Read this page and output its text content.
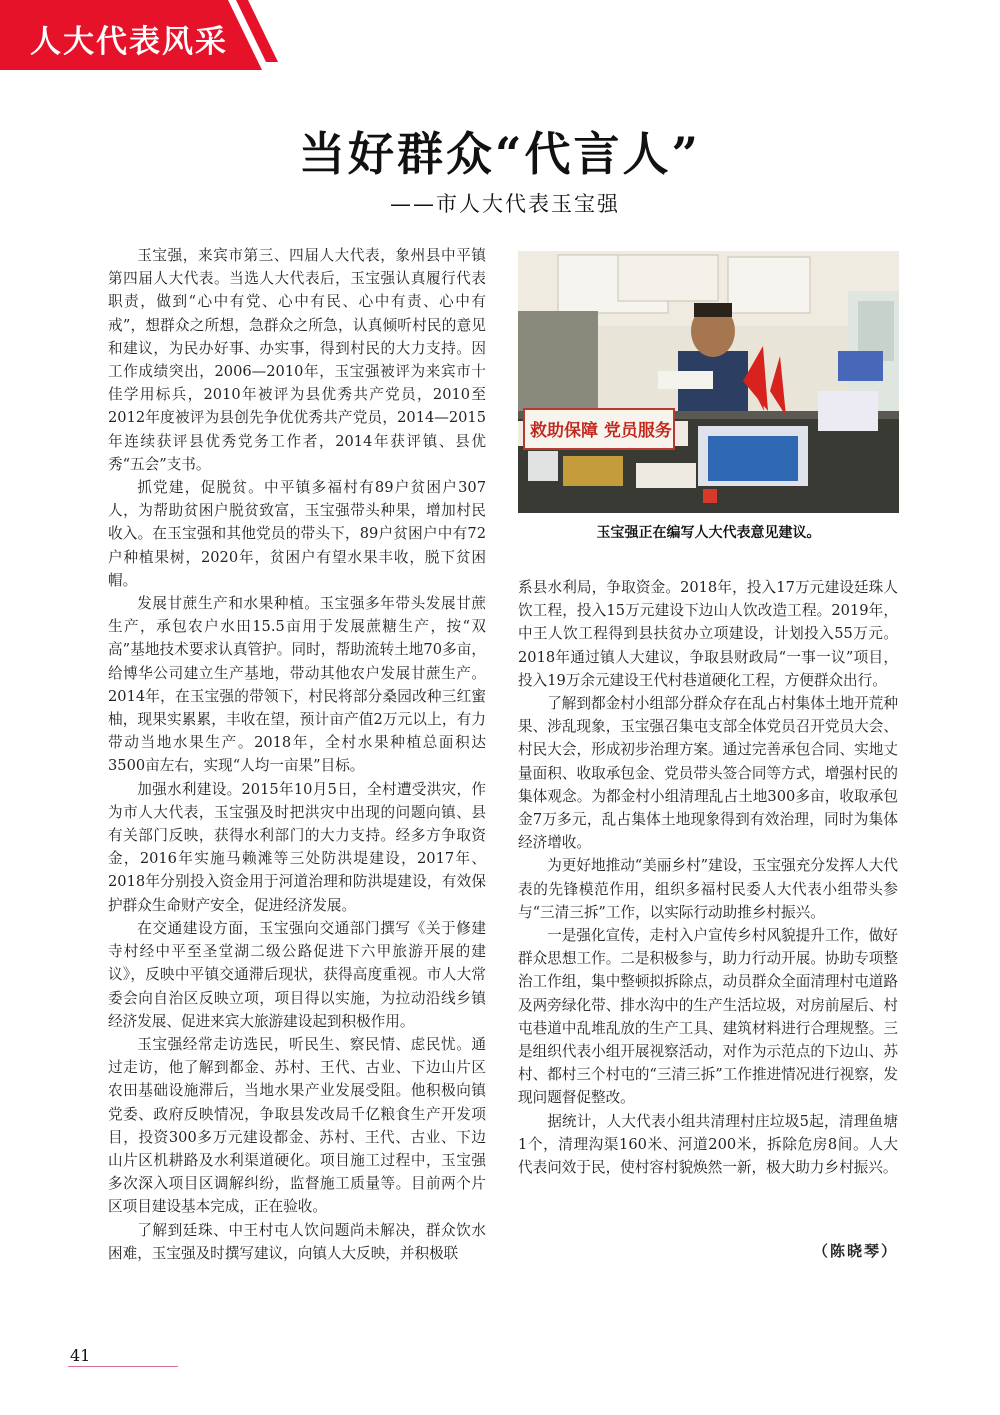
人大代表风采
当好群众“代言人”
——市人大代表玉宝强

玉宝强，来宾市第三、四届人大代表，象州县中平镇第四届人大代表。当选人大代表后，玉宝强认真履行代表职责，做到“心中有党、心中有民、心中有责、心中有戒”，想群众之所想，急群众之所急，认真倾听村民的意见和建议，为民办好事、办实事，得到村民的大力支持。因工作成绩突出，2006—2010年，玉宝强被评为来宾市十佳学用标兵，2010年被评为县优秀共产党员，2010至2012年度被评为县创先争优优秀共产党员，2014—2015年连续获评县优秀党务工作者，2014年获评镇、县优秀“五会”支书。

抓党建，促脱贫。中平镇多福村有89户贫困户307人，为帮助贫困户脱贫致富，玉宝强带头种果，增加村民收入。在玉宝强和其他党员的带头下，89户贫困户中有72户种植果树，2020年，贫困户有望水果丰收，脱下贫困帽。

发展甘蔗生产和水果种植。玉宝强多年带头发展甘蔗生产，承包农户水田15.5亩用于发展蔗糖生产，按“双高”基地技术要求认真管护。同时，帮助流转土地70多亩，给博华公司建立生产基地，带动其他农户发展甘蔗生产。2014年，在玉宝强的带领下，村民将部分桑园改种三红蜜柚，现果实累累，丰收在望，预计亩产值2万元以上，有力带动当地水果生产。2018年，全村水果种植总面积达3500亩左右，实现“人均一亩果”目标。

加强水利建设。2015年10月5日，全村遭受洪灾，作为市人大代表，玉宝强及时把洪灾中出现的问题向镇、县有关部门反映，获得水利部门的大力支持。经多方争取资金，2016年实施马赖滩等三处防洪堤建设，2017年、2018年分别投入资金用于河道治理和防洪堤建设，有效保护群众生命财产安全，促进经济发展。

在交通建设方面，玉宝强向交通部门撰写《关于修建寺村经中平至圣堂湖二级公路促进下六甲旅游开展的建议》，反映中平镇交通滞后现状，获得高度重视。市人大常委会向自治区反映立项，项目得以实施，为拉动沿线乡镇经济发展、促进来宾大旅游建设起到积极作用。

玉宝强经常走访选民，听民生、察民情、虑民忧。通过走访，他了解到都金、苏村、王代、古业、下边山片区农田基础设施滞后，当地水果产业发展受阻。他积极向镇党委、政府反映情况，争取县发改局千亿粮食生产开发项目，投资300多万元建设都金、苏村、王代、古业、下边山片区机耕路及水利渠道硬化。项目施工过程中，玉宝强多次深入项目区调解纠纷，监督施工质量等。目前两个片区项目建设基本完成，正在验收。

了解到廷珠、中王村屯人饮问题尚未解决，群众饮水困难，玉宝强及时撰写建议，向镇人大反映，并积极联

救助保障 党员服务
玉宝强正在编写人大代表意见建议。

系县水利局，争取资金。2018年，投入17万元建设廷珠人饮工程，投入15万元建设下边山人饮改造工程。2019年，中王人饮工程得到县扶贫办立项建设，计划投入55万元。2018年通过镇人大建议，争取县财政局“一事一议”项目，投入19万余元建设王代村巷道硬化工程，方便群众出行。

了解到都金村小组部分群众存在乱占村集体土地开荒种果、涉乱现象，玉宝强召集屯支部全体党员召开党员大会、村民大会，形成初步治理方案。通过完善承包合同、实地丈量面积、收取承包金、党员带头签合同等方式，增强村民的集体观念。为都金村小组清理乱占土地300多亩，收取承包金7万多元，乱占集体土地现象得到有效治理，同时为集体经济增收。

为更好地推动“美丽乡村”建设，玉宝强充分发挥人大代表的先锋模范作用，组织多福村民委人大代表小组带头参与“三清三拆”工作，以实际行动助推乡村振兴。

一是强化宣传，走村入户宣传乡村风貌提升工作，做好群众思想工作。二是积极参与，助力行动开展。协助专项整治工作组，集中整顿拟拆除点，动员群众全面清理村屯道路及两旁绿化带、排水沟中的生产生活垃圾，对房前屋后、村屯巷道中乱堆乱放的生产工具、建筑材料进行合理规整。三是组织代表小组开展视察活动，对作为示范点的下边山、苏村、都村三个村屯的“三清三拆”工作推进情况进行视察，发现问题督促整改。

据统计，人大代表小组共清理村庄垃圾5起，清理鱼塘1个，清理沟渠160米、河道200米，拆除危房8间。人大代表问效于民，使村容村貌焕然一新，极大助力乡村振兴。

（陈晓琴）
41
